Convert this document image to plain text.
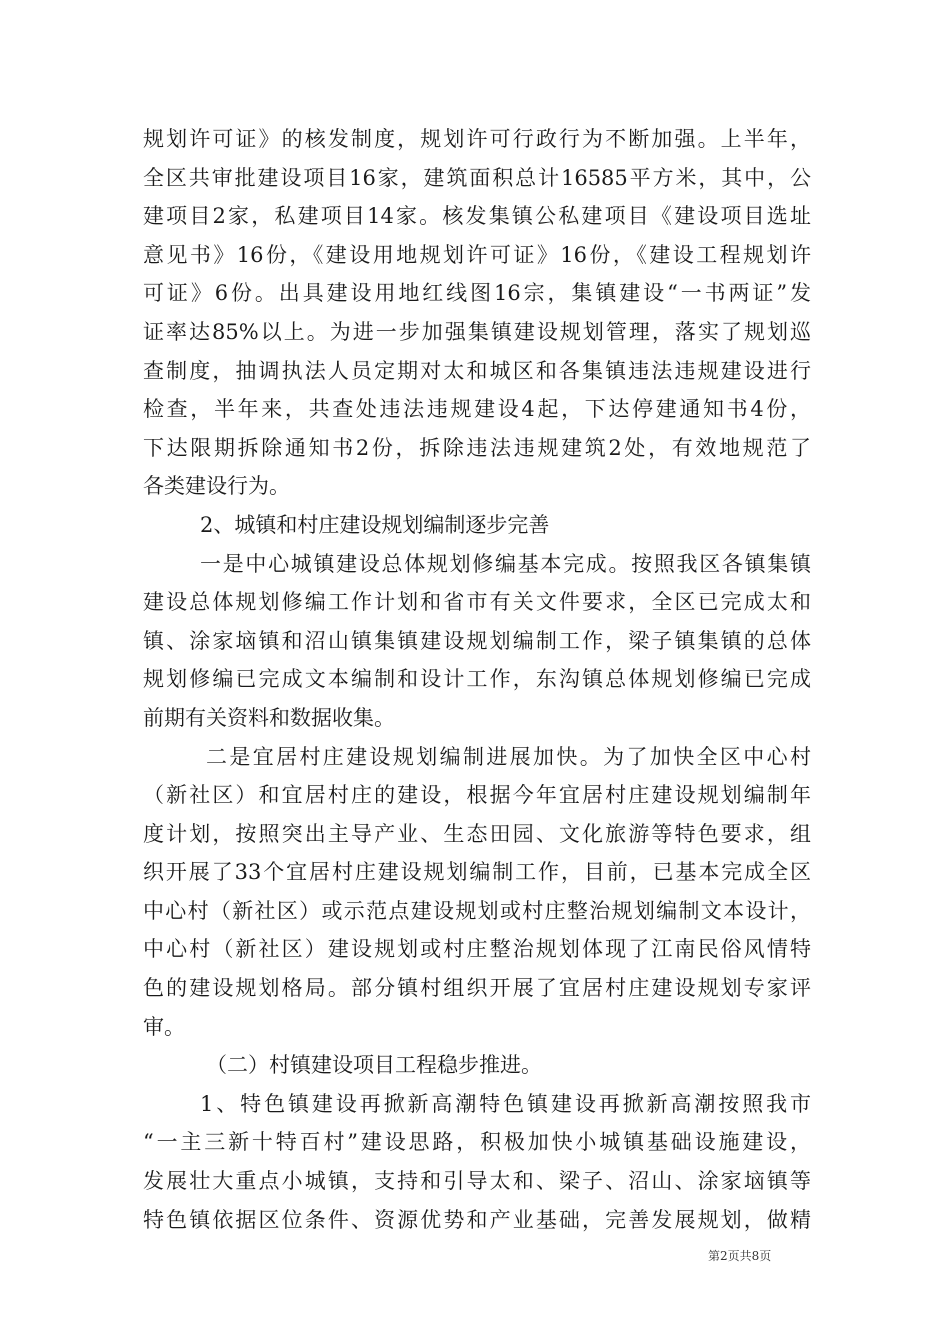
规划许可证》的核发制度，规划许可行政行为不断加强。上半年，
全区共审批建设项目16家，建筑面积总计16585平方米，其中，公
建项目2家，私建项目14家。核发集镇公私建项目《建设项目选址
意见书》16份，《建设用地规划许可证》16份，《建设工程规划许
可证》6份。出具建设用地红线图16宗，集镇建设“一书两证”发
证率达85%以上。为进一步加强集镇建设规划管理，落实了规划巡
查制度，抽调执法人员定期对太和城区和各集镇违法违规建设进行
检查，半年来，共查处违法违规建设4起，下达停建通知书4份，
下达限期拆除通知书2份，拆除违法违规建筑2处，有效地规范了
各类建设行为。
2、城镇和村庄建设规划编制逐步完善
一是中心城镇建设总体规划修编基本完成。按照我区各镇集镇
建设总体规划修编工作计划和省市有关文件要求，全区已完成太和
镇、涂家垴镇和沼山镇集镇建设规划编制工作，梁子镇集镇的总体
规划修编已完成文本编制和设计工作，东沟镇总体规划修编已完成
前期有关资料和数据收集。
二是宜居村庄建设规划编制进展加快。为了加快全区中心村
（新社区）和宜居村庄的建设，根据今年宜居村庄建设规划编制年
度计划，按照突出主导产业、生态田园、文化旅游等特色要求，组
织开展了33个宜居村庄建设规划编制工作，目前，已基本完成全区
中心村（新社区）或示范点建设规划或村庄整治规划编制文本设计，
中心村（新社区）建设规划或村庄整治规划体现了江南民俗风情特
色的建设规划格局。部分镇村组织开展了宜居村庄建设规划专家评
审。
（二）村镇建设项目工程稳步推进。
1、特色镇建设再掀新高潮特色镇建设再掀新高潮按照我市
“一主三新十特百村”建设思路，积极加快小城镇基础设施建设，
发展壮大重点小城镇，支持和引导太和、梁子、沼山、涂家垴镇等
特色镇依据区位条件、资源优势和产业基础，完善发展规划，做精
第2页共8页
